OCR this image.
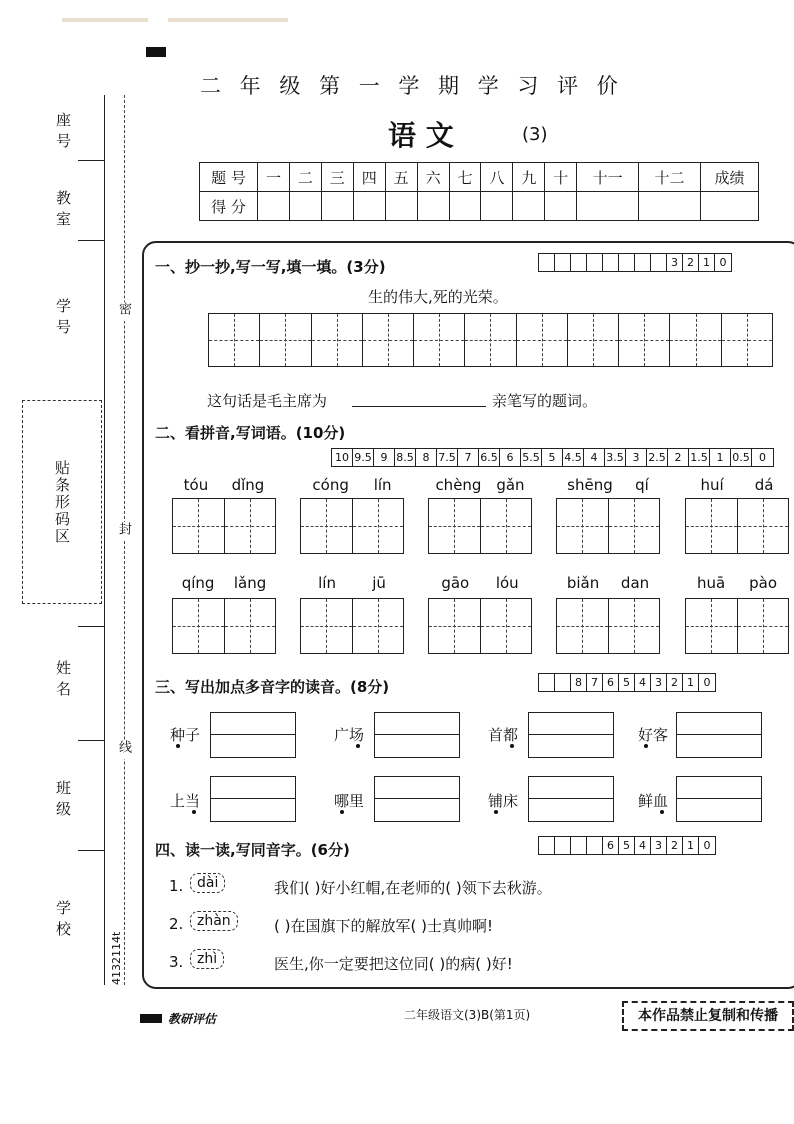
二 年 级 第 一 学 期 学 习 评 价
语 文	(3)
题 号	一	二	三	四	五	六	七	八	九	十	十一	十二	成绩
得 分													
座号
教室
学号
贴条形码区
姓名
班级
学校
密
封
线
4132114t
一、抄一抄,写一写,填一填。(3分)	3 2 1 0
生的伟大,死的光荣。
这句话是毛主席为	亲笔写的题词。
二、看拼音,写词语。(10分)
10 9.5 9 8.5 8 7.5 7 6.5 6 5.5 5 4.5 4 3.5 3 2.5 2 1.5 1 0.5 0
tóu dǐng	cóng lín	chèng gǎn	shēng qí	huí dá
qíng lǎng	lín jū	gāo lóu	biǎn dan	huā pào
三、写出加点多音字的读音。(8分)	8 7 6 5 4 3 2 1 0
种子	广场	首都	好客
上当	哪里	铺床	鲜血
四、读一读,写同音字。(6分)	6 5 4 3 2 1 0
1. dài	我们( )好小红帽,在老师的( )领下去秋游。
2. zhàn	( )在国旗下的解放军( )士真帅啊!
3. zhì	医生,你一定要把这位同( )的病( )好!
教研评估	二年级语文(3)B(第1页)	本作品禁止复制和传播
